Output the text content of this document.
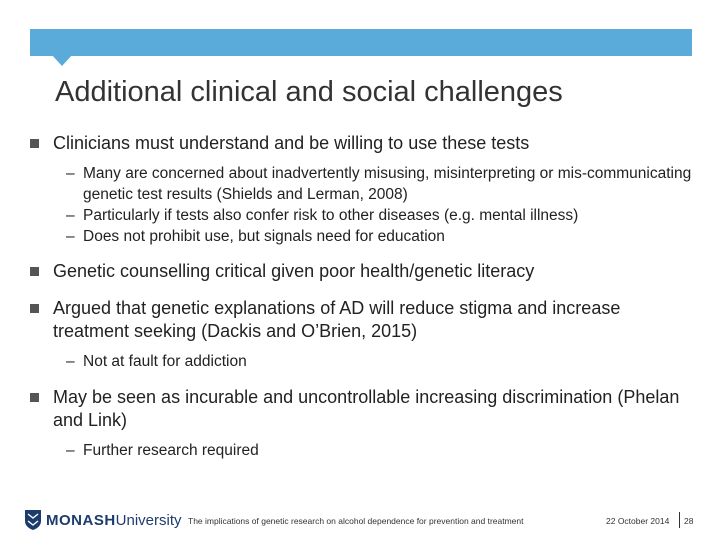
Additional clinical and social challenges
Clinicians must understand and be willing to use these tests
– Many are concerned about inadvertently misusing, misinterpreting or mis-communicating genetic test results (Shields and Lerman, 2008)
– Particularly if tests also confer risk to other diseases (e.g. mental illness)
– Does not prohibit use, but signals need for education
Genetic counselling critical given poor health/genetic literacy
Argued that genetic explanations of AD will reduce stigma and increase treatment seeking (Dackis and O’Brien, 2015)
– Not at fault for addiction
May be seen as incurable and uncontrollable increasing discrimination (Phelan and Link)
– Further research required
MONASH University The implications of genetic research on alcohol dependence for prevention and treatment	22 October 2014 28
